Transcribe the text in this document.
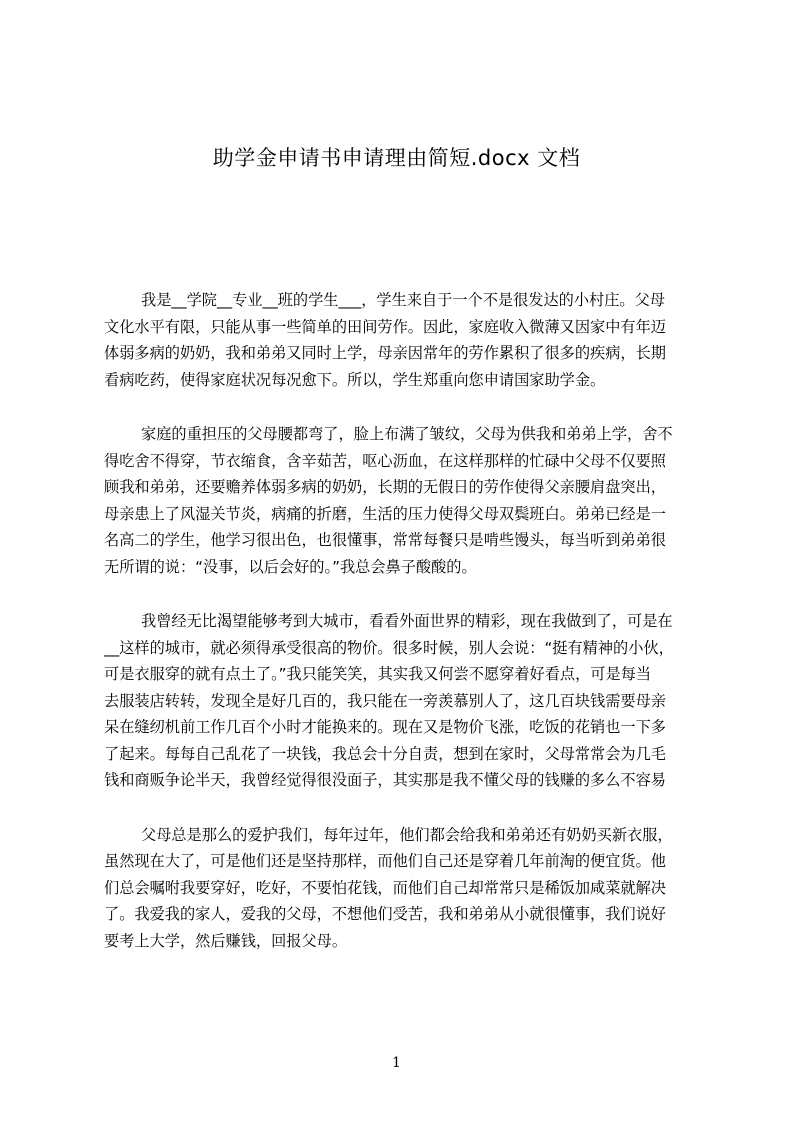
助学金申请书申请理由简短.docx 文档
我是__学院__专业__班的学生___，学生来自于一个不是很发达的小村庄。父母
文化水平有限，只能从事一些简单的田间劳作。因此，家庭收入微薄又因家中有年迈
体弱多病的奶奶，我和弟弟又同时上学，母亲因常年的劳作累积了很多的疾病，长期
看病吃药，使得家庭状况每况愈下。所以，学生郑重向您申请国家助学金。
家庭的重担压的父母腰都弯了，脸上布满了皱纹，父母为供我和弟弟上学，舍不
得吃舍不得穿，节衣缩食，含辛茹苦，呕心沥血，在这样那样的忙碌中父母不仅要照
顾我和弟弟，还要赡养体弱多病的奶奶，长期的无假日的劳作使得父亲腰肩盘突出，
母亲患上了风湿关节炎，病痛的折磨，生活的压力使得父母双鬓班白。弟弟已经是一
名高二的学生，他学习很出色，也很懂事，常常每餐只是啃些馒头，每当听到弟弟很
无所谓的说：“没事，以后会好的。”我总会鼻子酸酸的。
我曾经无比渴望能够考到大城市，看看外面世界的精彩，现在我做到了，可是在
__这样的城市，就必须得承受很高的物价。很多时候，别人会说：“挺有精神的小伙，
可是衣服穿的就有点土了。”我只能笑笑，其实我又何尝不愿穿着好看点，可是每当
去服装店转转，发现全是好几百的，我只能在一旁羡慕别人了，这几百块钱需要母亲
呆在缝纫机前工作几百个小时才能换来的。现在又是物价飞涨，吃饭的花销也一下多
了起来。每每自己乱花了一块钱，我总会十分自责，想到在家时，父母常常会为几毛
钱和商贩争论半天，我曾经觉得很没面子，其实那是我不懂父母的钱赚的多么不容易
父母总是那么的爱护我们，每年过年，他们都会给我和弟弟还有奶奶买新衣服，
虽然现在大了，可是他们还是坚持那样，而他们自己还是穿着几年前淘的便宜货。他
们总会嘱咐我要穿好，吃好，不要怕花钱，而他们自己却常常只是稀饭加咸菜就解决
了。我爱我的家人，爱我的父母，不想他们受苦，我和弟弟从小就很懂事，我们说好
要考上大学，然后赚钱，回报父母。
1
